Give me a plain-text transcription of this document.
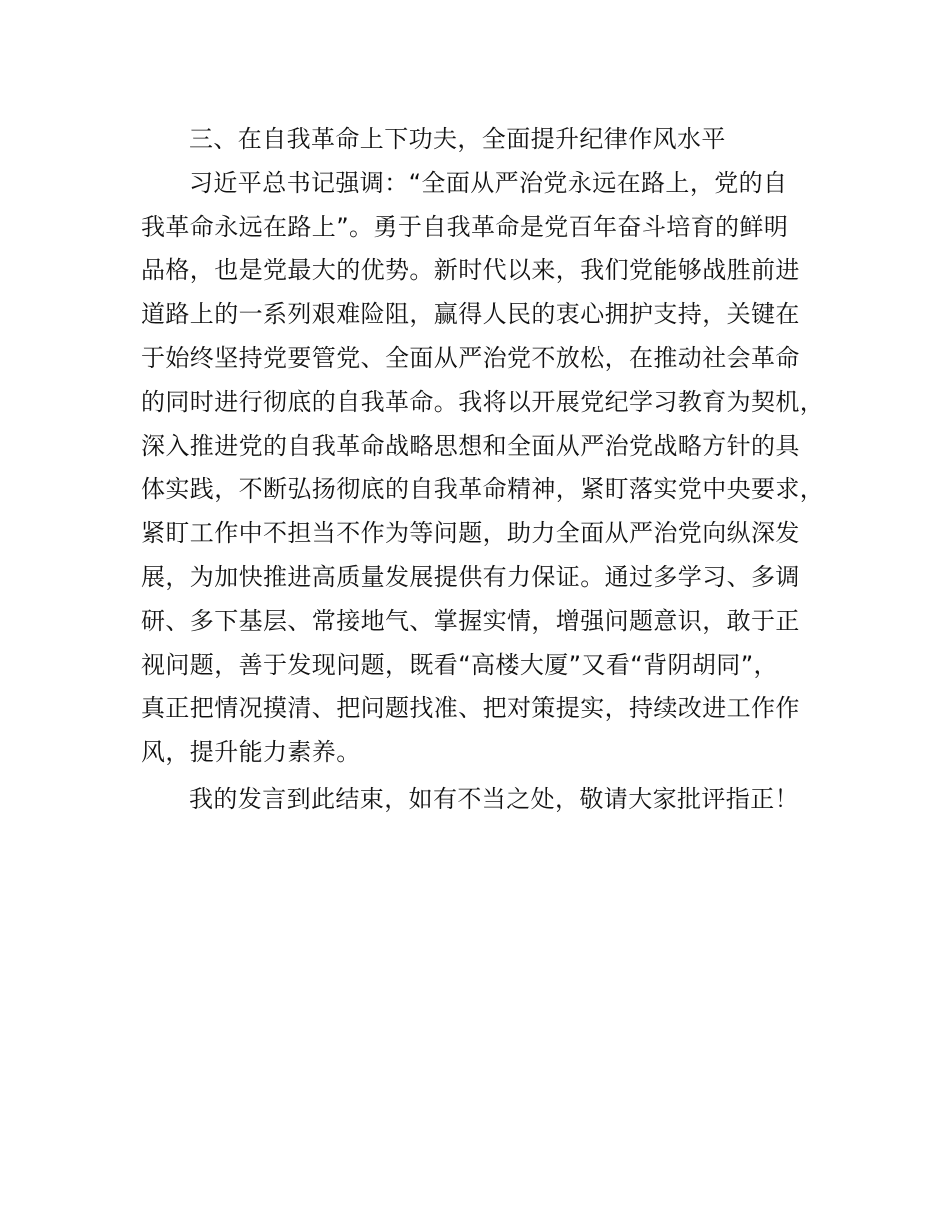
三、在自我革命上下功夫，全面提升纪律作风水平

习近平总书记强调：“全面从严治党永远在路上，党的自
我革命永远在路上”。勇于自我革命是党百年奋斗培育的鲜明
品格，也是党最大的优势。新时代以来，我们党能够战胜前进
道路上的一系列艰难险阻，赢得人民的衷心拥护支持，关键在
于始终坚持党要管党、全面从严治党不放松，在推动社会革命
的同时进行彻底的自我革命。我将以开展党纪学习教育为契机，
深入推进党的自我革命战略思想和全面从严治党战略方针的具
体实践，不断弘扬彻底的自我革命精神，紧盯落实党中央要求，
紧盯工作中不担当不作为等问题，助力全面从严治党向纵深发
展，为加快推进高质量发展提供有力保证。通过多学习、多调
研、多下基层、常接地气、掌握实情，增强问题意识，敢于正
视问题，善于发现问题，既看“高楼大厦”又看“背阴胡同”，
真正把情况摸清、把问题找准、把对策提实，持续改进工作作
风，提升能力素养。

我的发言到此结束，如有不当之处，敬请大家批评指正！
